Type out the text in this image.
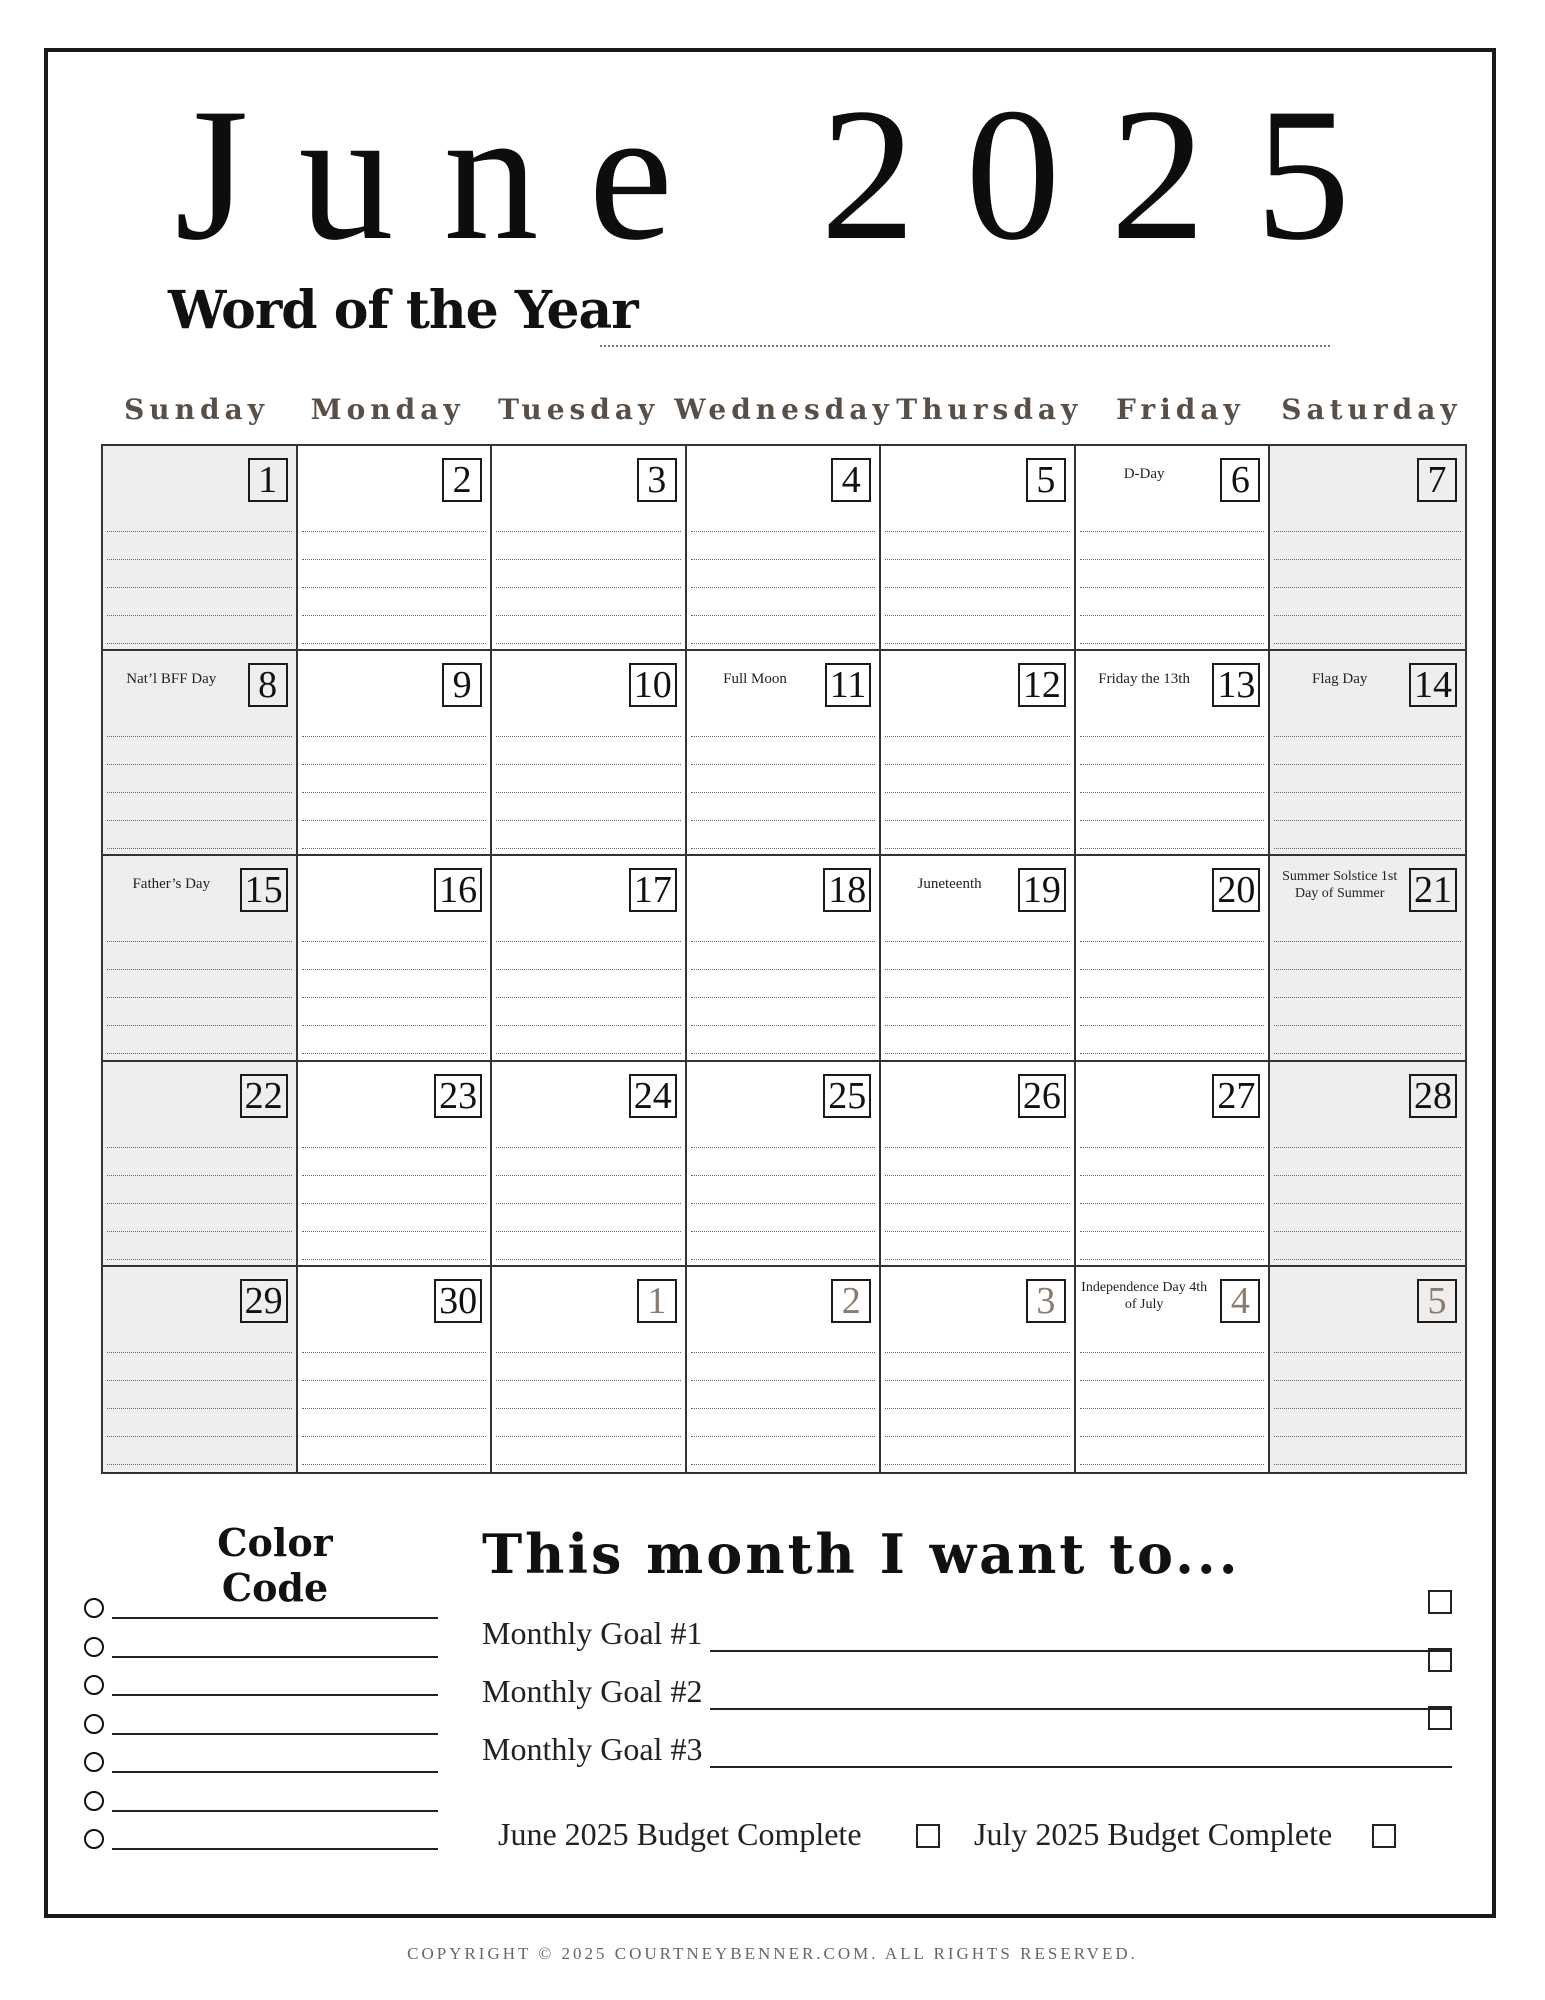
June 2025
Word of the Year
Sunday	Monday	Tuesday Wednesday Thursday	Friday	Saturday
1	2	3	4	5	D-Day	6	7
Nat’l BFF Day	8	9	10	Full Moon	11	12	Friday the 13th 13	Flag Day	14
Father’s Day 15	16	17	18	Juneteenth	19	20	Summer Solstice 1st Day of Summer 21
22	23	24	25	26	27	28
29	30	1	2	3	Independence Day 4th of July	4	5
Color Code
This month I want to...
Monthly Goal #1
Monthly Goal #2
Monthly Goal #3
June 2025 Budget Complete	July 2025 Budget Complete
COPYRIGHT © 2025 COURTNEYBENNER.COM. ALL RIGHTS RESERVED.
